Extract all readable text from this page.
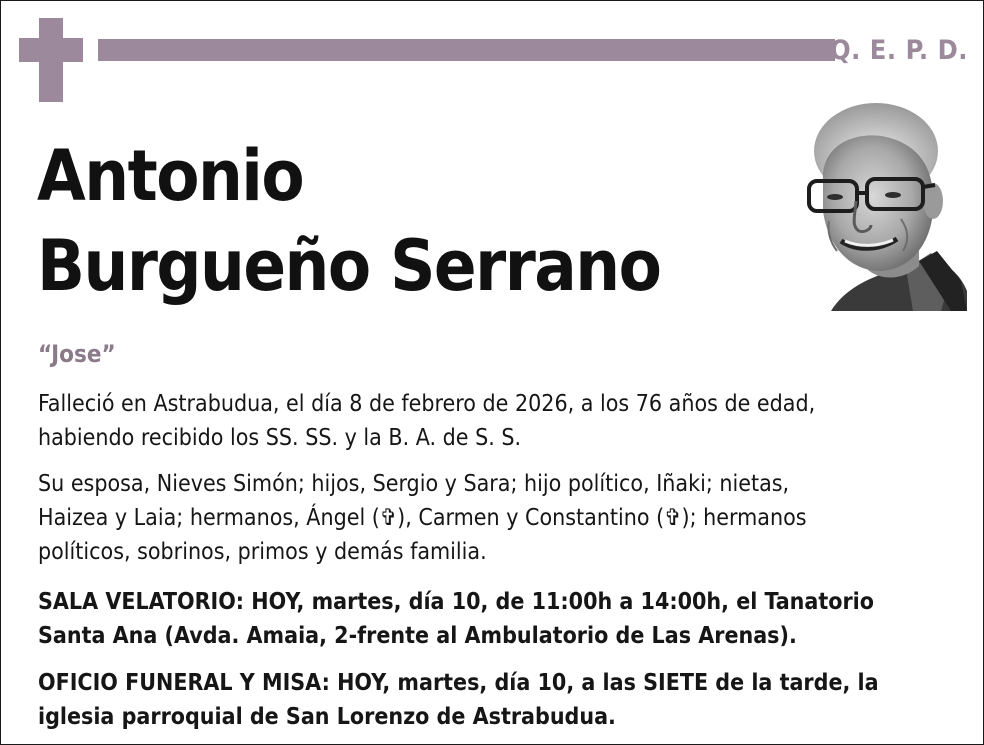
Q. E. P. D.
Antonio
Burgueño Serrano
“Jose”

Falleció en Astrabudua, el día 8 de febrero de 2026, a los 76 años de edad,

habiendo recibido los SS. SS. y la B. A. de S. S.

Su esposa, Nieves Simón; hijos, Sergio y Sara; hijo político, Iñaki; nietas,

Haizea y Laia; hermanos, Ángel (✞), Carmen y Constantino (✞); hermanos

políticos, sobrinos, primos y demás familia.

SALA VELATORIO: HOY, martes, día 10, de 11:00h a 14:00h, el Tanatorio

Santa Ana (Avda. Amaia, 2-frente al Ambulatorio de Las Arenas).

OFICIO FUNERAL Y MISA: HOY, martes, día 10, a las SIETE de la tarde, la

iglesia parroquial de San Lorenzo de Astrabudua.
